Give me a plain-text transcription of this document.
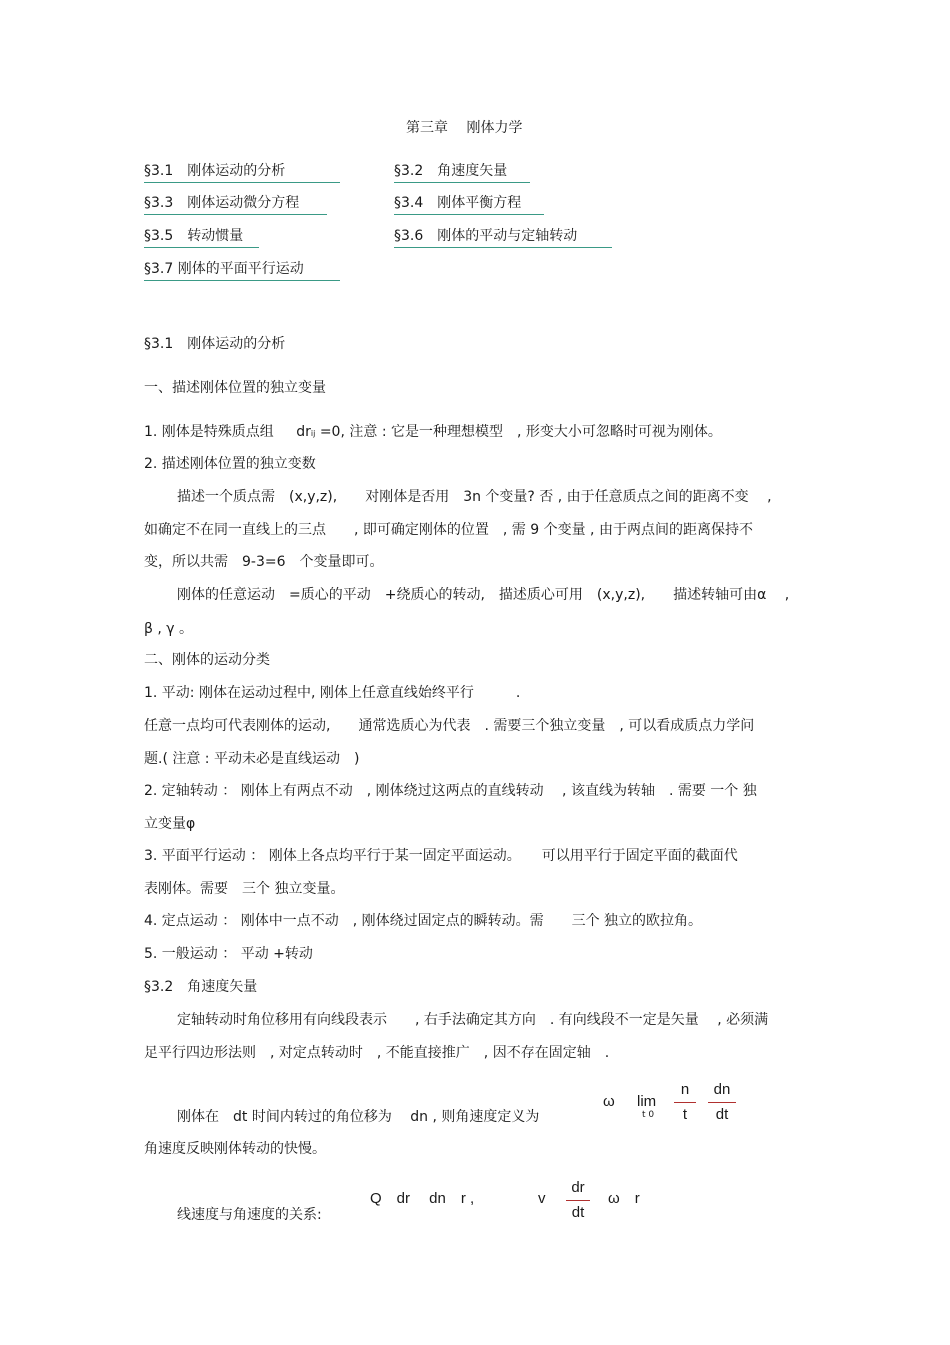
第三章　 刚体力学
§3.1　刚体运动的分析	§3.2　角速度矢量
§3.3　刚体运动微分方程	§3.4　刚体平衡方程
§3.5　转动惯量	§3.6　刚体的平动与定轴转动
§3.7 刚体的平面平行运动
§3.1　刚体运动的分析
一、描述刚体位置的独立变量
1. 刚体是特殊质点组 drij =0, 注意 : 它是一种理想模型　, 形变大小可忽略时可视为刚体。
2. 描述刚体位置的独立变数
描述一个质点需　(x,y,z),　　对刚体是否用　3n 个变量? 否 , 由于任意质点之间的距离不变　 ,
如确定不在同一直线上的三点　　, 即可确定刚体的位置　, 需 9 个变量 , 由于两点间的距离保持不
变，所以共需　9-3=6　个变量即可。
刚体的任意运动　=质心的平动　+绕质心的转动,　描述质心可用　(x,y,z),　　描述转轴可由α　 ,
β , γ 。
二、刚体的运动分类
1. 平动: 刚体在运动过程中, 刚体上任意直线始终平行　　　.
任意一点均可代表刚体的运动,　　通常选质心为代表　. 需要三个独立变量　, 可以看成质点力学问
题.( 注意 : 平动未必是直线运动　)
2. 定轴转动 ： 刚体上有两点不动　, 刚体绕过这两点的直线转动　 , 该直线为转轴　. 需要 一个 独
立变量φ
3. 平面平行运动 ： 刚体上各点均平行于某一固定平面运动。　　可以用平行于固定平面的截面代
表刚体。需要　三个 独立变量。
4. 定点运动 ： 刚体中一点不动　, 刚体绕过固定点的瞬转动。需　　三个 独立的欧拉角。
5. 一般运动 ： 平动 +转动
§3.2　角速度矢量
定轴转动时角位移用有向线段表示　　, 右手法确定其方向　. 有向线段不一定是矢量　 , 必须满
足平行四边形法则　, 对定点转动时　, 不能直接推广　, 因不存在固定轴　.
刚体在　dt 时间内转过的角位移为　 dn , 则角速度定义为
ω lim
t 0
n
t
dn
dt
角速度反映刚体转动的快慢。
线速度与角速度的关系:
Q　dr　 dn　r ,	v
dr
dt
ω　r
